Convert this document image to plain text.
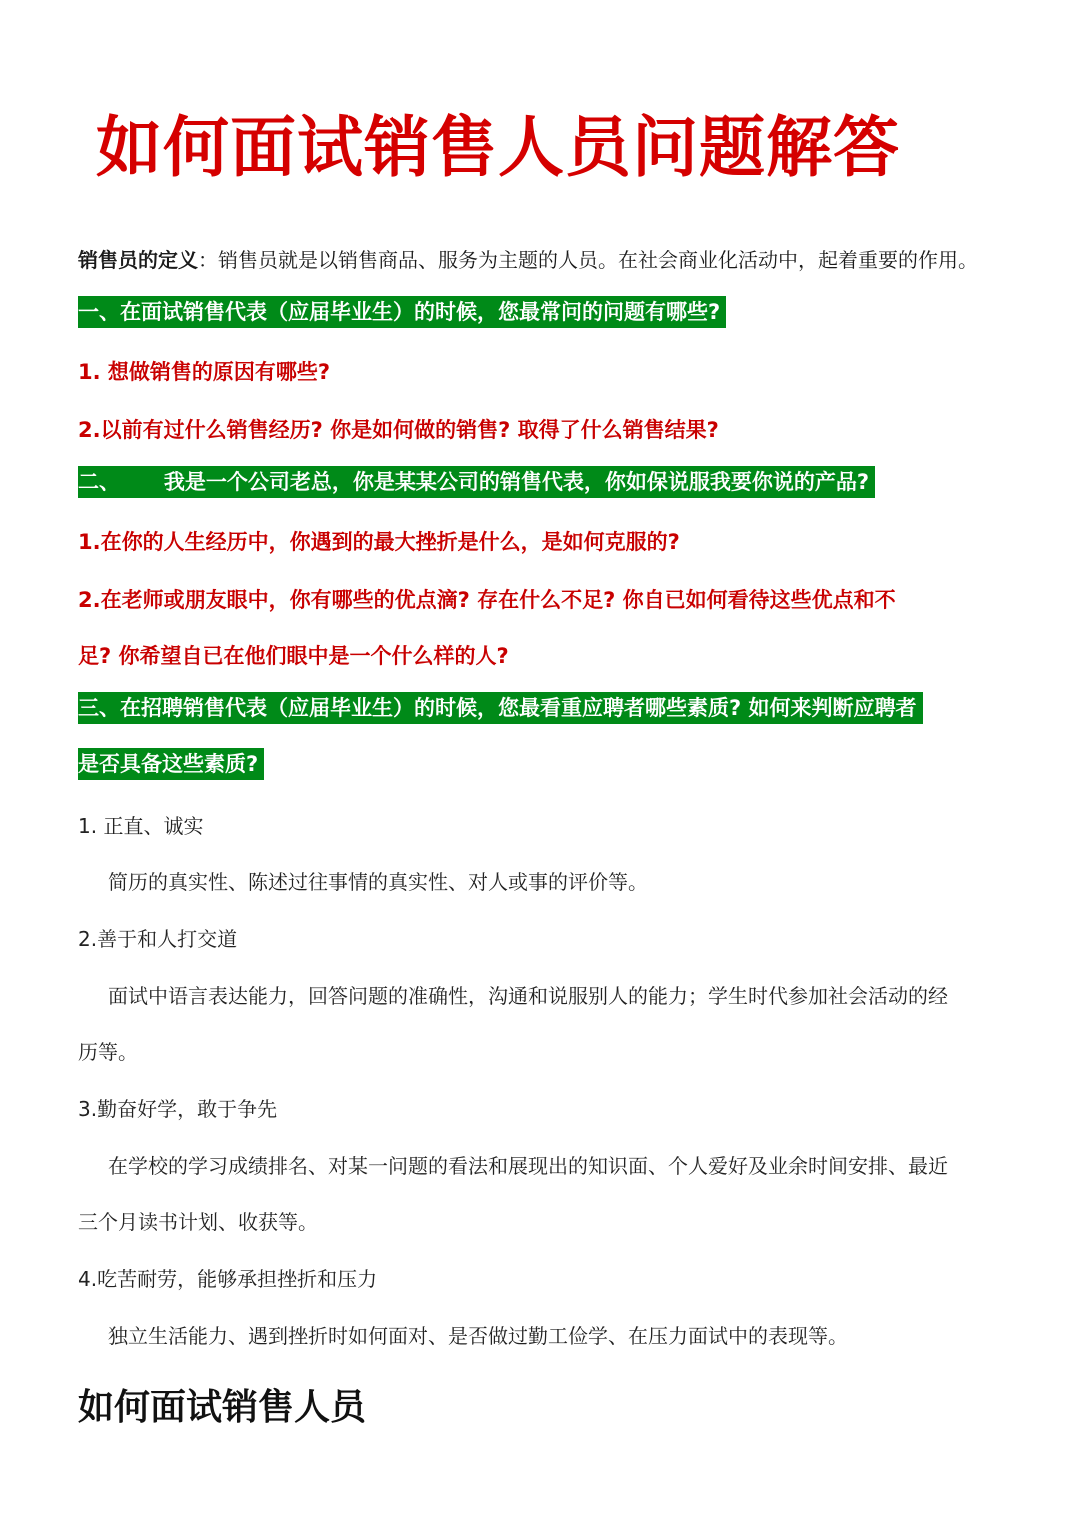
如何面试销售人员问题解答
销售员的定义：销售员就是以销售商品、服务为主题的人员。在社会商业化活动中，起着重要的作用。
一、在面试销售代表（应届毕业生）的时候，您最常问的问题有哪些?
1. 想做销售的原因有哪些?
2.以前有过什么销售经历? 你是如何做的销售? 取得了什么销售结果?
二、      我是一个公司老总，你是某某公司的销售代表，你如保说服我要你说的产品?
1.在你的人生经历中，你遇到的最大挫折是什么，是如何克服的?
2.在老师或朋友眼中，你有哪些的优点滴? 存在什么不足? 你自已如何看待这些优点和不
足? 你希望自已在他们眼中是一个什么样的人?
三、在招聘销售代表（应届毕业生）的时候，您最看重应聘者哪些素质? 如何来判断应聘者
是否具备这些素质?
1. 正直、诚实
简历的真实性、陈述过往事情的真实性、对人或事的评价等。
2.善于和人打交道
面试中语言表达能力，回答问题的准确性，沟通和说服别人的能力；学生时代参加社会活动的经
历等。
3.勤奋好学，敢于争先
在学校的学习成绩排名、对某一问题的看法和展现出的知识面、个人爱好及业余时间安排、最近
三个月读书计划、收获等。
4.吃苦耐劳，能够承担挫折和压力
独立生活能力、遇到挫折时如何面对、是否做过勤工俭学、在压力面试中的表现等。
如何面试销售人员
